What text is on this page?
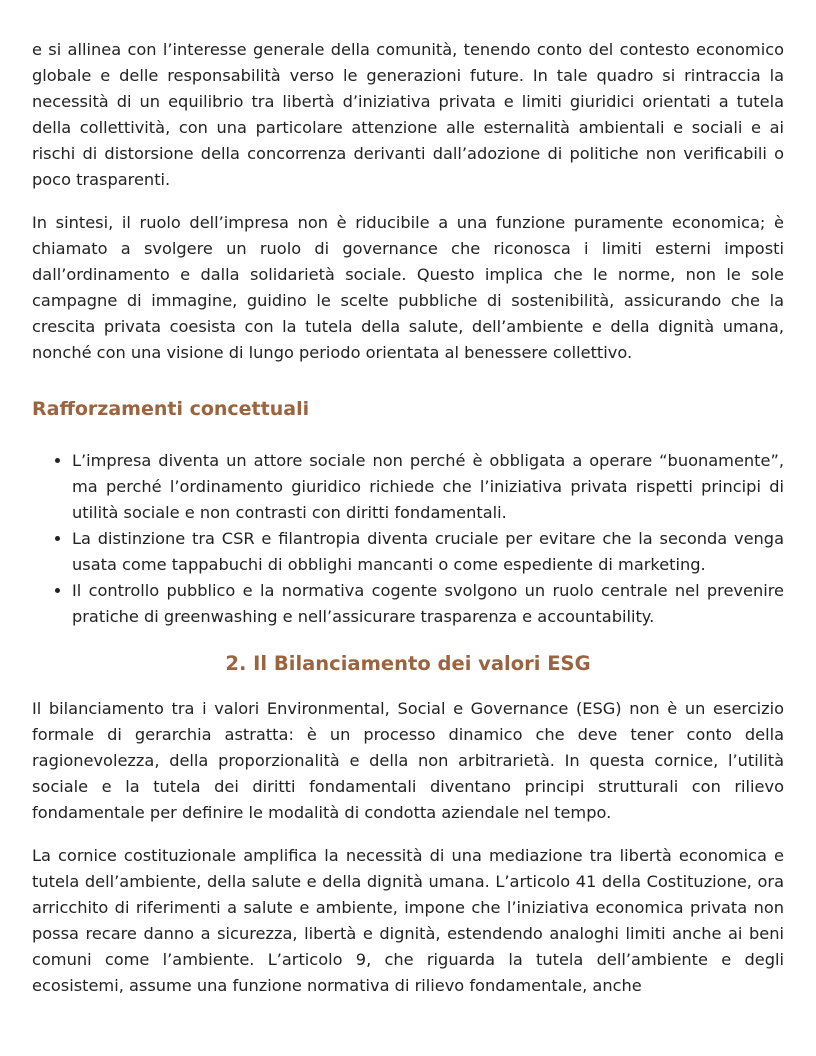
e si allinea con l’interesse generale della comunità, tenendo conto del contesto economico globale e delle responsabilità verso le generazioni future. In tale quadro si rintraccia la necessità di un equilibrio tra libertà d’iniziativa privata e limiti giuridici orientati a tutela della collettività, con una particolare attenzione alle esternalità ambientali e sociali e ai rischi di distorsione della concorrenza derivanti dall’adozione di politiche non verificabili o poco trasparenti.

In sintesi, il ruolo dell’impresa non è riducibile a una funzione puramente economica; è chiamato a svolgere un ruolo di governance che riconosca i limiti esterni imposti dall’ordinamento e dalla solidarietà sociale. Questo implica che le norme, non le sole campagne di immagine, guidino le scelte pubbliche di sostenibilità, assicurando che la crescita privata coesista con la tutela della salute, dell’ambiente e della dignità umana, nonché con una visione di lungo periodo orientata al benessere collettivo.

Rafforzamenti concettuali
• L’impresa diventa un attore sociale non perché è obbligata a operare “buonamente”, ma perché l’ordinamento giuridico richiede che l’iniziativa privata rispetti principi di utilità sociale e non contrasti con diritti fondamentali.
• La distinzione tra CSR e filantropia diventa cruciale per evitare che la seconda venga usata come tappabuchi di obblighi mancanti o come espediente di marketing.
• Il controllo pubblico e la normativa cogente svolgono un ruolo centrale nel prevenire pratiche di greenwashing e nell’assicurare trasparenza e accountability.
2. Il Bilanciamento dei valori ESG

Il bilanciamento tra i valori Environmental, Social e Governance (ESG) non è un esercizio formale di gerarchia astratta: è un processo dinamico che deve tener conto della ragionevolezza, della proporzionalità e della non arbitrarietà. In questa cornice, l’utilità sociale e la tutela dei diritti fondamentali diventano principi strutturali con rilievo fondamentale per definire le modalità di condotta aziendale nel tempo.

La cornice costituzionale amplifica la necessità di una mediazione tra libertà economica e tutela dell’ambiente, della salute e della dignità umana. L’articolo 41 della Costituzione, ora arricchito di riferimenti a salute e ambiente, impone che l’iniziativa economica privata non possa recare danno a sicurezza, libertà e dignità, estendendo analoghi limiti anche ai beni comuni come l’ambiente. L’articolo 9, che riguarda la tutela dell’ambiente e degli ecosistemi, assume una funzione normativa di rilievo fondamentale, anche
